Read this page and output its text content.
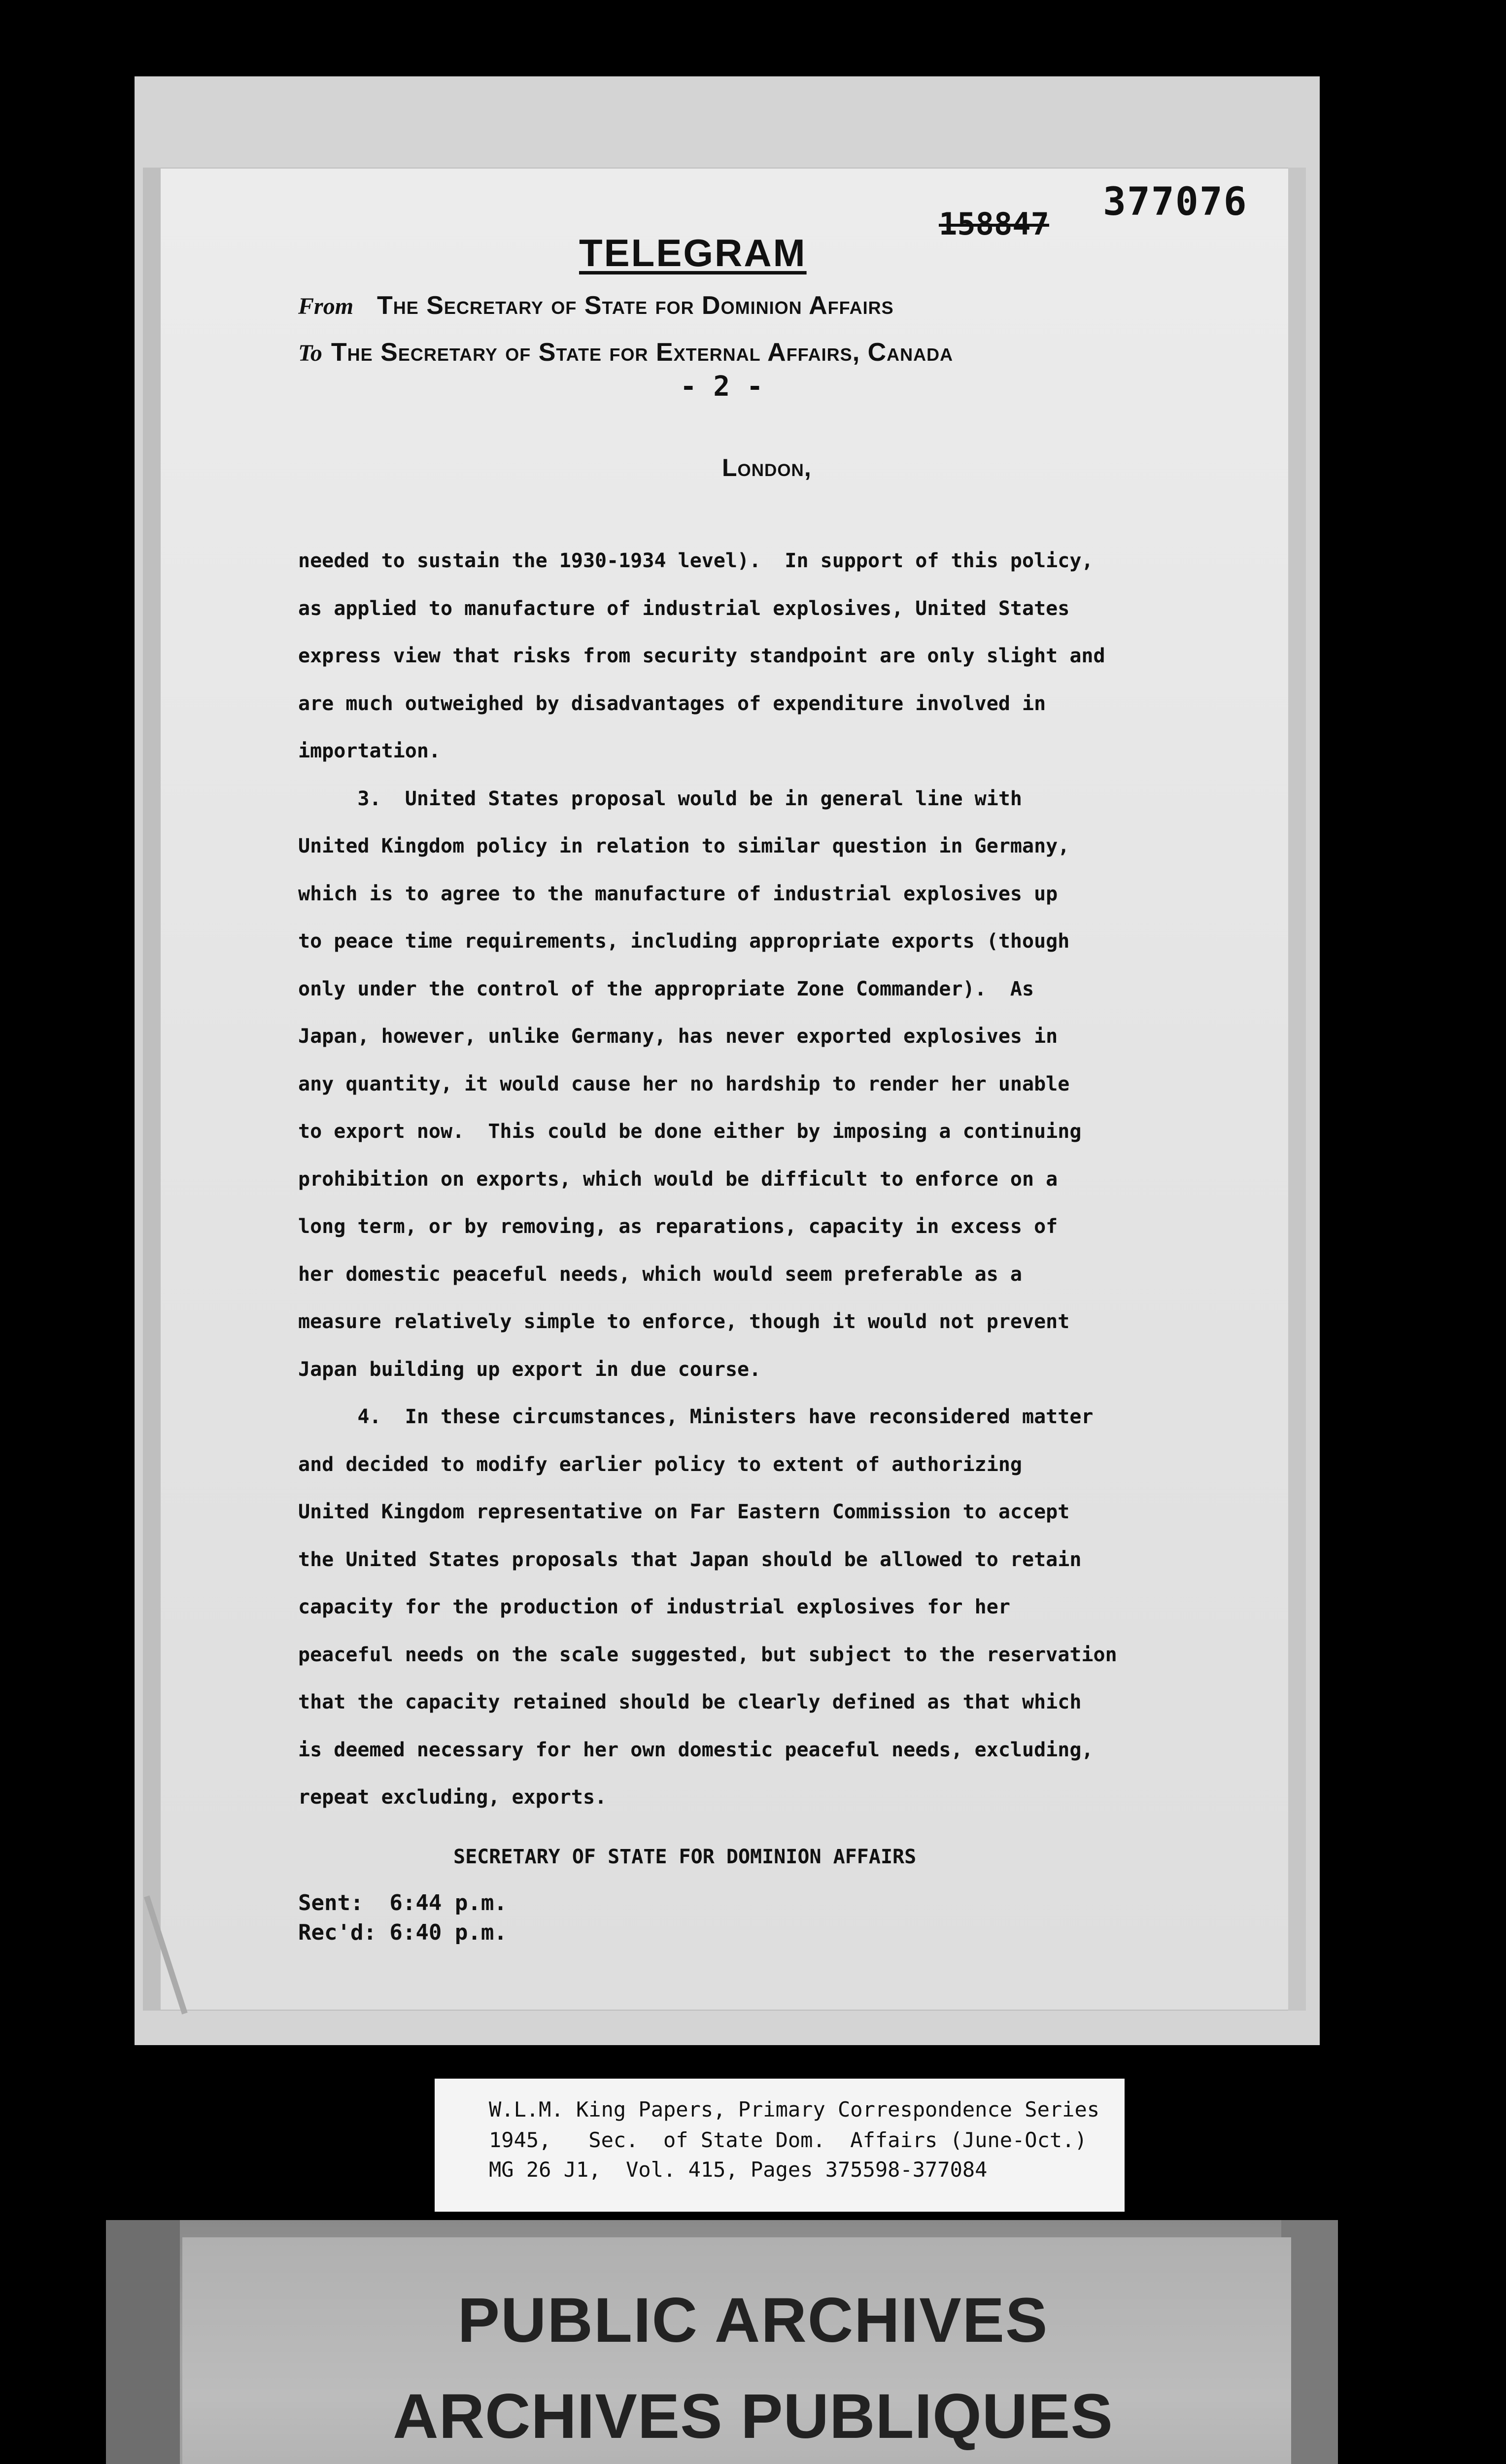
377076
158847
TELEGRAM
From The Secretary of State for Dominion Affairs
To The Secretary of State for External Affairs, Canada
- 2 -
London,

needed to sustain the 1930-1934 level).  In support of this policy,

as applied to manufacture of industrial explosives, United States

express view that risks from security standpoint are only slight and

are much outweighed by disadvantages of expenditure involved in

importation.

3.  United States proposal would be in general line with

United Kingdom policy in relation to similar question in Germany,

which is to agree to the manufacture of industrial explosives up

to peace time requirements, including appropriate exports (though

only under the control of the appropriate Zone Commander).  As

Japan, however, unlike Germany, has never exported explosives in

any quantity, it would cause her no hardship to render her unable

to export now.  This could be done either by imposing a continuing

prohibition on exports, which would be difficult to enforce on a

long term, or by removing, as reparations, capacity in excess of

her domestic peaceful needs, which would seem preferable as a

measure relatively simple to enforce, though it would not prevent

Japan building up export in due course.

4.  In these circumstances, Ministers have reconsidered matter

and decided to modify earlier policy to extent of authorizing

United Kingdom representative on Far Eastern Commission to accept

the United States proposals that Japan should be allowed to retain

capacity for the production of industrial explosives for her

peaceful needs on the scale suggested, but subject to the reservation

that the capacity retained should be clearly defined as that which

is deemed necessary for her own domestic peaceful needs, excluding,

repeat excluding, exports.

SECRETARY OF STATE FOR DOMINION AFFAIRS
Sent:  6:44 p.m.
Rec'd: 6:40 p.m.

W.L.M. King Papers, Primary Correspondence Series

1945,   Sec.  of State Dom.  Affairs (June-Oct.)

MG 26 J1,  Vol. 415, Pages 375598-377084

PUBLIC ARCHIVES
ARCHIVES PUBLIQUES
